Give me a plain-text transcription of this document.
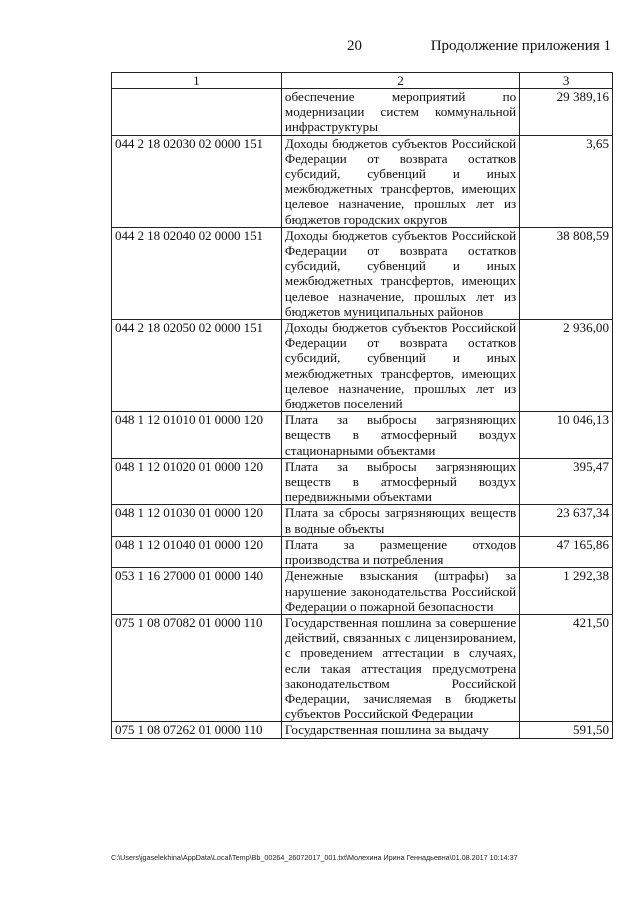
20	Продолжение приложения 1
1	2	3
	обеспечение мероприятий по модернизации систем коммунальной инфраструктуры	29 389,16
044 2 18 02030 02 0000 151	Доходы бюджетов субъектов Российской Федерации от возврата остатков субсидий, субвенций и иных межбюджетных трансфертов, имеющих целевое назначение, прошлых лет из бюджетов городских округов	3,65
044 2 18 02040 02 0000 151	Доходы бюджетов субъектов Российской Федерации от возврата остатков субсидий, субвенций и иных межбюджетных трансфертов, имеющих целевое назначение, прошлых лет из бюджетов муниципальных районов	38 808,59
044 2 18 02050 02 0000 151	Доходы бюджетов субъектов Российской Федерации от возврата остатков субсидий, субвенций и иных межбюджетных трансфертов, имеющих целевое назначение, прошлых лет из бюджетов поселений	2 936,00
048 1 12 01010 01 0000 120	Плата за выбросы загрязняющих веществ в атмосферный воздух стационарными объектами	10 046,13
048 1 12 01020 01 0000 120	Плата за выбросы загрязняющих веществ в атмосферный воздух передвижными объектами	395,47
048 1 12 01030 01 0000 120	Плата за сбросы загрязняющих веществ в водные объекты	23 637,34
048 1 12 01040 01 0000 120	Плата за размещение отходов производства и потребления	47 165,86
053 1 16 27000 01 0000 140	Денежные взыскания (штрафы) за нарушение законодательства Российской Федерации о пожарной безопасности	1 292,38
075 1 08 07082 01 0000 110	Государственная пошлина за совершение действий, связанных с лицензированием, с проведением аттестации в случаях, если такая аттестация предусмотрена законодательством Российской Федерации, зачисляемая в бюджеты субъектов Российской Федерации	421,50
075 1 08 07262 01 0000 110	Государственная пошлина за выдачу	591,50
C:\Users\jgaselekhina\AppData\Local\Temp\Bb_00264_26072017_001.txt\Молехина Ирина Геннадьевна\01.08.2017 10:14:37
